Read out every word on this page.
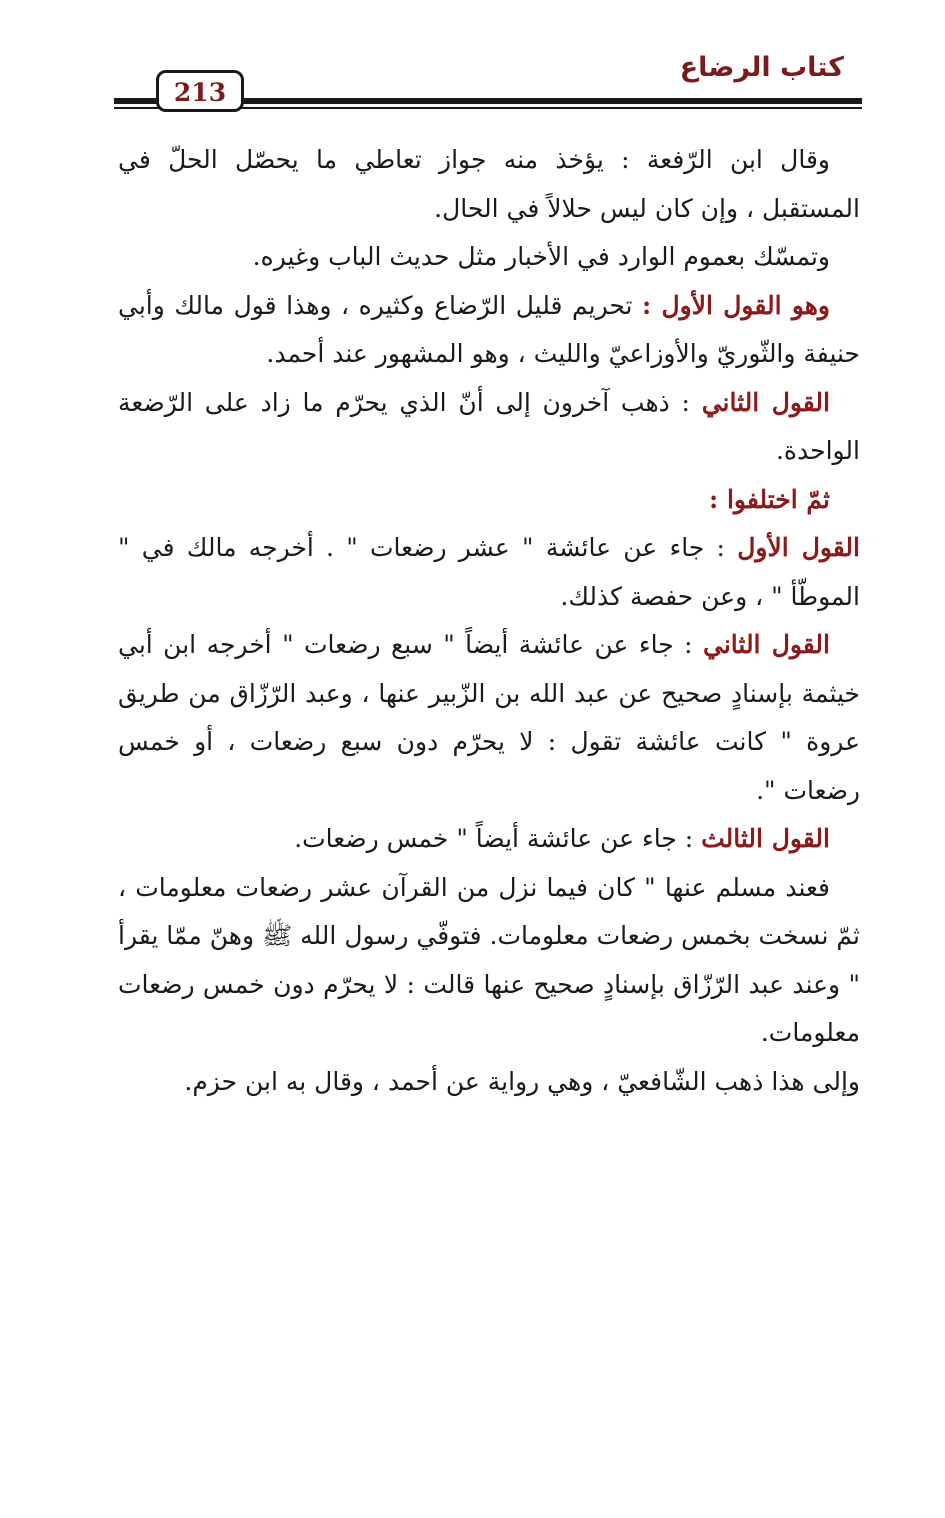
كتاب الرضاع
213

وقال ابن الرّفعة : يؤخذ منه جواز تعاطي ما يحصّل الحلّ في المستقبل ، وإن كان ليس حلالاً في الحال.

وتمسّك بعموم الوارد في الأخبار مثل حديث الباب وغيره.

وهو القول الأول : تحريم قليل الرّضاع وكثيره ، وهذا قول مالك وأبي حنيفة والثّوريّ والأوزاعيّ والليث ، وهو المشهور عند أحمد.

القول الثاني : ذهب آخرون إلى أنّ الذي يحرّم ما زاد على الرّضعة الواحدة.

ثمّ اختلفوا :

القول الأول : جاء عن عائشة " عشر رضعات " . أخرجه مالك في " الموطّأ " ، وعن حفصة كذلك.

القول الثاني : جاء عن عائشة أيضاً " سبع رضعات " أخرجه ابن أبي خيثمة بإسنادٍ صحيح عن عبد الله بن الزّبير عنها ، وعبد الرّزّاق من طريق عروة " كانت عائشة تقول : لا يحرّم دون سبع رضعات ، أو خمس رضعات ".

القول الثالث : جاء عن عائشة أيضاً " خمس رضعات.

فعند مسلم عنها " كان فيما نزل من القرآن عشر رضعات معلومات ، ثمّ نسخت بخمس رضعات معلومات. فتوفّي رسول الله ﷺ وهنّ ممّا يقرأ " وعند عبد الرّزّاق بإسنادٍ صحيح عنها قالت : لا يحرّم دون خمس رضعات معلومات.

وإلى هذا ذهب الشّافعيّ ، وهي رواية عن أحمد ، وقال به ابن حزم.
